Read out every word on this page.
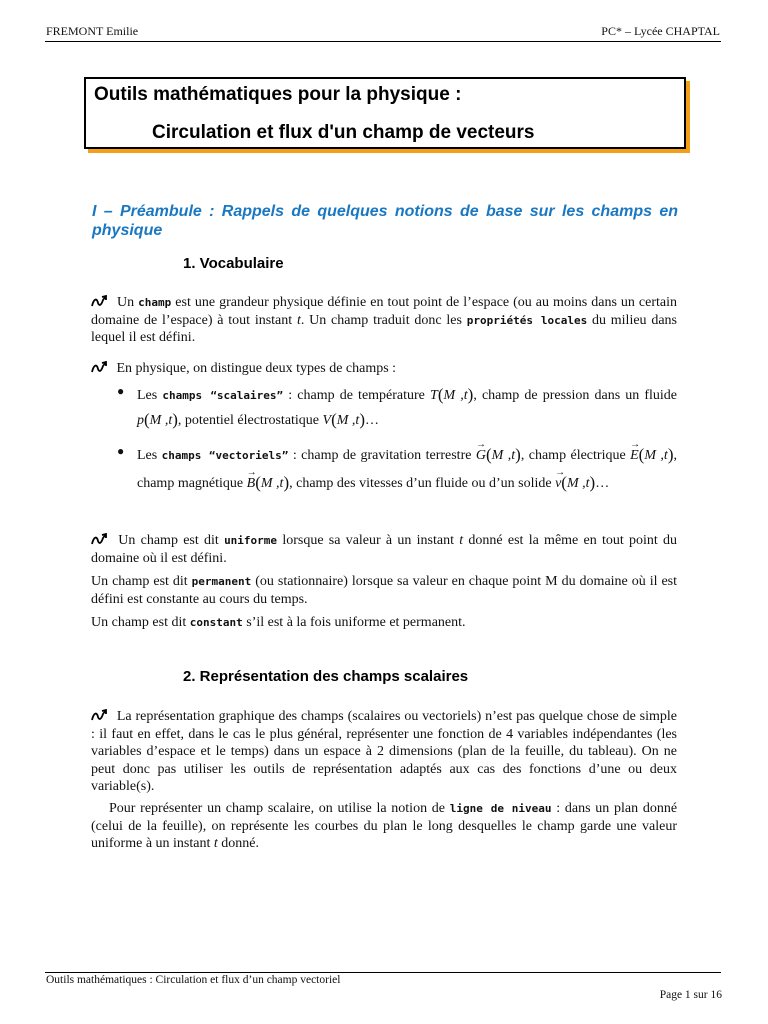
FREMONT Emilie	PC* – Lycée CHAPTAL
Outils mathématiques pour la physique :
Circulation et flux d'un champ de vecteurs
I – Préambule : Rappels de quelques notions de base sur les champs en physique
1. Vocabulaire
Un champ est une grandeur physique définie en tout point de l’espace (ou au moins dans un certain domaine de l’espace) à tout instant t. Un champ traduit donc les propriétés locales du milieu dans lequel il est défini.
En physique, on distingue deux types de champs :
● Les champs “scalaires” : champ de température T(M ,t), champ de pression dans un fluide p(M ,t), potentiel électrostatique V(M ,t)…
● Les champs “vectoriels” : champ de gravitation terrestre → G(M ,t), champ électrique → E(M ,t), champ magnétique → B(M ,t), champ des vitesses d’un fluide ou d’un solide → v(M ,t)…
Un champ est dit uniforme lorsque sa valeur à un instant t donné est la même en tout point du domaine où il est défini.
Un champ est dit permanent (ou stationnaire) lorsque sa valeur en chaque point M du domaine où il est défini est constante au cours du temps.
Un champ est dit constant s’il est à la fois uniforme et permanent.
2. Représentation des champs scalaires
La représentation graphique des champs (scalaires ou vectoriels) n’est pas quelque chose de simple : il faut en effet, dans le cas le plus général, représenter une fonction de 4 variables indépendantes (les variables d’espace et le temps) dans un espace à 2 dimensions (plan de la feuille, du tableau). On ne peut donc pas utiliser les outils de représentation adaptés aux cas des fonctions d’une ou deux variable(s).
Pour représenter un champ scalaire, on utilise la notion de ligne de niveau : dans un plan donné (celui de la feuille), on représente les courbes du plan le long desquelles le champ garde une valeur uniforme à un instant t donné.
Outils mathématiques : Circulation et flux d’un champ vectoriel
Page 1 sur 16
